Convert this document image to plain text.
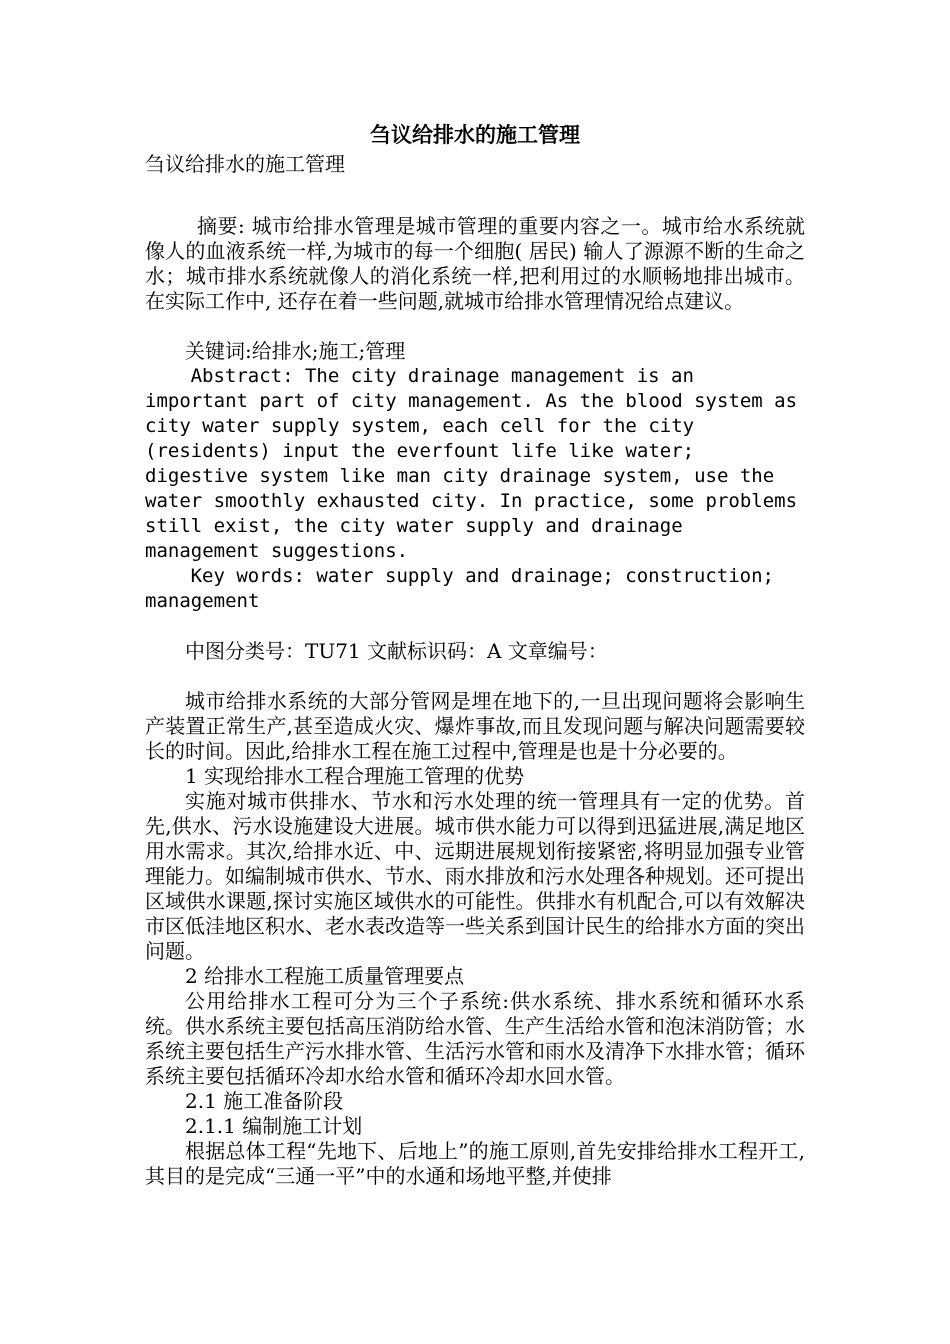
刍议给排水的施工管理

刍议给排水的施工管理

摘要: 城市给排水管理是城市管理的重要内容之一。城市给水系统就像人的血液系统一样,为城市的每一个细胞( 居民) 输人了源源不断的生命之水；城市排水系统就像人的消化系统一样,把利用过的水顺畅地排出城市。在实际工作中, 还存在着一些问题,就城市给排水管理情况给点建议。

关键词:给排水;施工;管理

Abstract: The city drainage management is an important part of city management. As the blood system as city water supply system, each cell for the city (residents) input the everfount life like water; digestive system like man city drainage system, use the water smoothly exhausted city. In practice, some problems still exist, the city water supply and drainage management suggestions.

Key words: water supply and drainage; construction; management

中图分类号：TU71 文献标识码：A 文章编号：

城市给排水系统的大部分管网是埋在地下的,一旦出现问题将会影响生产装置正常生产,甚至造成火灾、爆炸事故,而且发现问题与解决问题需要较长的时间。因此,给排水工程在施工过程中,管理是也是十分必要的。

1 实现给排水工程合理施工管理的优势

实施对城市供排水、节水和污水处理的统一管理具有一定的优势。首先,供水、污水设施建设大进展。城市供水能力可以得到迅猛进展,满足地区用水需求。其次,给排水近、中、远期进展规划衔接紧密,将明显加强专业管理能力。如编制城市供水、节水、雨水排放和污水处理各种规划。还可提出区域供水课题,探讨实施区域供水的可能性。供排水有机配合,可以有效解决市区低洼地区积水、老水表改造等一些关系到国计民生的给排水方面的突出问题。

2 给排水工程施工质量管理要点

公用给排水工程可分为三个子系统:供水系统、排水系统和循环水系统。供水系统主要包括高压消防给水管、生产生活给水管和泡沫消防管；水系统主要包括生产污水排水管、生活污水管和雨水及清净下水排水管；循环系统主要包括循环冷却水给水管和循环冷却水回水管。

2.1 施工准备阶段

2.1.1 编制施工计划

根据总体工程“先地下、后地上”的施工原则,首先安排给排水工程开工,其目的是完成“三通一平”中的水通和场地平整,并使排
